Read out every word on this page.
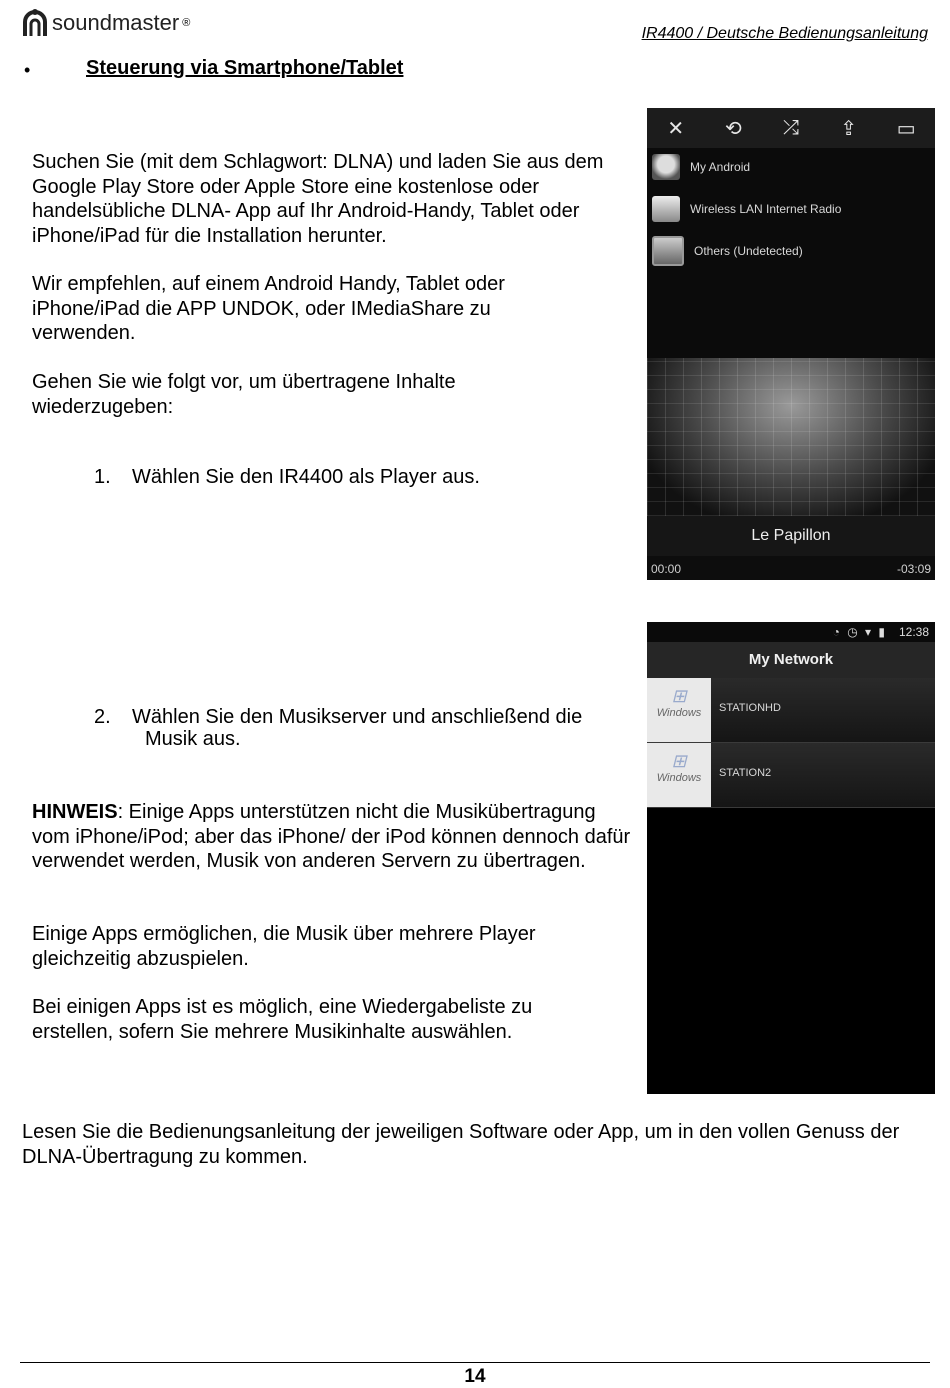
soundmaster ®
IR4400 / Deutsche Bedienungsanleitung
•	Steuerung via Smartphone/Tablet
Suchen Sie (mit dem Schlagwort: DLNA) und laden Sie aus dem Google Play Store oder Apple Store eine kostenlose oder handelsübliche DLNA- App auf Ihr Android-Handy, Tablet oder iPhone/iPad für die Installation herunter.
Wir empfehlen, auf einem Android Handy, Tablet oder iPhone/iPad die APP UNDOK, oder IMediaShare zu verwenden.
Gehen Sie wie folgt vor, um übertragene Inhalte wiederzugeben:
1. Wählen Sie den IR4400 als Player aus.
2. Wählen Sie den Musikserver und anschließend die
Musik aus.
HINWEIS: Einige Apps unterstützen nicht die Musikübertragung vom iPhone/iPod; aber das iPhone/ der iPod können dennoch dafür verwendet werden, Musik von anderen Servern zu übertragen.
Einige Apps ermöglichen, die Musik über mehrere Player gleichzeitig abzuspielen.
Bei einigen Apps ist es möglich, eine Wiedergabeliste zu erstellen, sofern Sie mehrere Musikinhalte auswählen.
Lesen Sie die Bedienungsanleitung der jeweiligen Software oder App, um in den vollen Genuss der DLNA-Übertragung zu kommen.
✕	⟲	⤮	⇪	▭
My Android
Wireless LAN Internet Radio
Others (Undetected)
Le Papillon
00:00	-03:09
◔ ◷ ▾ ▮ 12:38
My Network
⊞
Windows	STATIONHD
⊞
Windows	STATION2
14
